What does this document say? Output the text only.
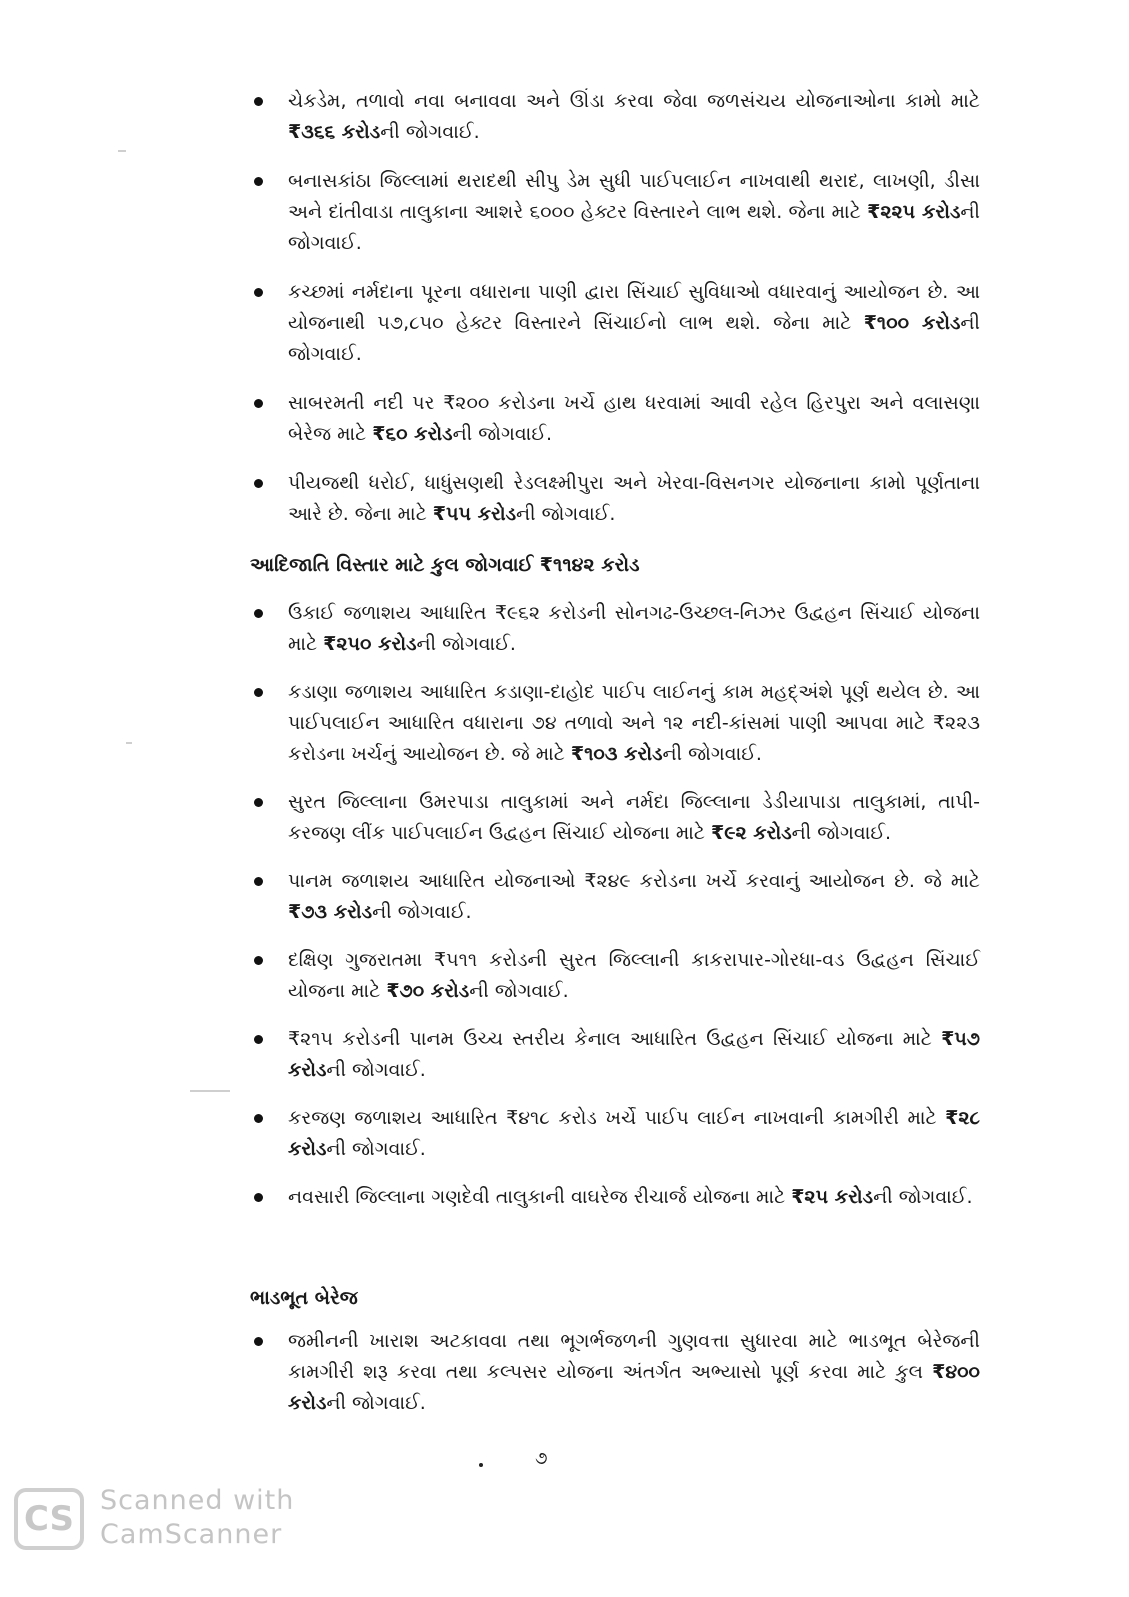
ચેકડેમ, તળાવો નવા બનાવવા અને ઊંડા કરવા જેવા જળસંચય યોજનાઓના કામો માટે ₹૩૬૬ કરોડની જોગવાઈ.
બનાસકાંઠા જિલ્લામાં થરાદથી સીપુ ડેમ સુધી પાઈપલાઈન નાખવાથી થરાદ, લાખણી, ડીસા અને દાંતીવાડા તાલુકાના આશરે ૬૦૦૦ હેક્ટર વિસ્તારને લાભ થશે. જેના માટે ₹૨૨૫ કરોડની જોગવાઈ.
કચ્છમાં નર્મદાના પૂરના વધારાના પાણી દ્વારા સિંચાઈ સુવિધાઓ વધારવાનું આયોજન છે. આ યોજનાથી ૫૭,૮૫૦ હેક્ટર વિસ્તારને સિંચાઈનો લાભ થશે. જેના માટે ₹૧૦૦ કરોડની જોગવાઈ.
સાબરમતી નદી પર ₹૨૦૦ કરોડના ખર્ચે હાથ ધરવામાં આવી રહેલ હિરપુરા અને વલાસણા બેરેજ માટે ₹૬૦ કરોડની જોગવાઈ.
પીયજથી ધરોઈ, ધાધુંસણથી રેડલક્ષ્મીપુરા અને ખેરવા-વિસનગર યોજનાના કામો પૂર્ણતાના આરે છે. જેના માટે ₹૫૫ કરોડની જોગવાઈ.
આદિજાતિ વિસ્તાર માટે કુલ જોગવાઈ ₹૧૧૪૨ કરોડ
ઉકાઈ જળાશય આધારિત ₹૯૬૨ કરોડની સોનગઢ-ઉચ્છલ-નિઝર ઉદ્વહન સિંચાઈ યોજના માટે ₹૨૫૦ કરોડની જોગવાઈ.
કડાણા જળાશય આધારિત કડાણા-દાહોદ પાઈપ લાઈનનું કામ મહદ્અંશે પૂર્ણ થયેલ છે. આ પાઈપલાઈન આધારિત વધારાના ૭૪ તળાવો અને ૧૨ નદી-કાંસમાં પાણી આપવા માટે ₹૨૨૩ કરોડના ખર્ચનું આયોજન છે. જે માટે ₹૧૦૩ કરોડની જોગવાઈ.
સુરત જિલ્લાના ઉમરપાડા તાલુકામાં અને નર્મદા જિલ્લાના ડેડીયાપાડા તાલુકામાં, તાપી-કરજણ લીંક પાઈપલાઈન ઉદ્વહન સિંચાઈ યોજના માટે ₹૯૨ કરોડની જોગવાઈ.
પાનમ જળાશય આધારિત યોજનાઓ ₹૨૪૯ કરોડના ખર્ચે કરવાનું આયોજન છે. જે માટે ₹૭૩ કરોડની જોગવાઈ.
દક્ષિણ ગુજરાતમા ₹૫૧૧ કરોડની સુરત જિલ્લાની કાકરાપાર-ગોરધા-વડ ઉદ્વહન સિંચાઈ યોજના માટે ₹૭૦ કરોડની જોગવાઈ.
₹૨૧૫ કરોડની પાનમ ઉચ્ચ સ્તરીય કેનાલ આધારિત ઉદ્વહન સિંચાઈ યોજના માટે ₹૫૭ કરોડની જોગવાઈ.
કરજણ જળાશય આધારિત ₹૪૧૮ કરોડ ખર્ચે પાઈપ લાઈન નાખવાની કામગીરી માટે ₹૨૮ કરોડની જોગવાઈ.
નવસારી જિલ્લાના ગણદેવી તાલુકાની વાઘરેજ રીચાર્જ યોજના માટે ₹૨૫ કરોડની જોગવાઈ.
ભાડભૂત બેરેજ
જમીનની ખારાશ અટકાવવા તથા ભૂગર્ભજળની ગુણવત્તા સુધારવા માટે ભાડભૂત બેરેજની કામગીરી શરૂ કરવા તથા કલ્પસર યોજના અંતર્ગત અભ્યાસો પૂર્ણ કરવા માટે કુલ ₹૪૦૦ કરોડની જોગવાઈ.
૭
CS Scanned with
CamScanner
